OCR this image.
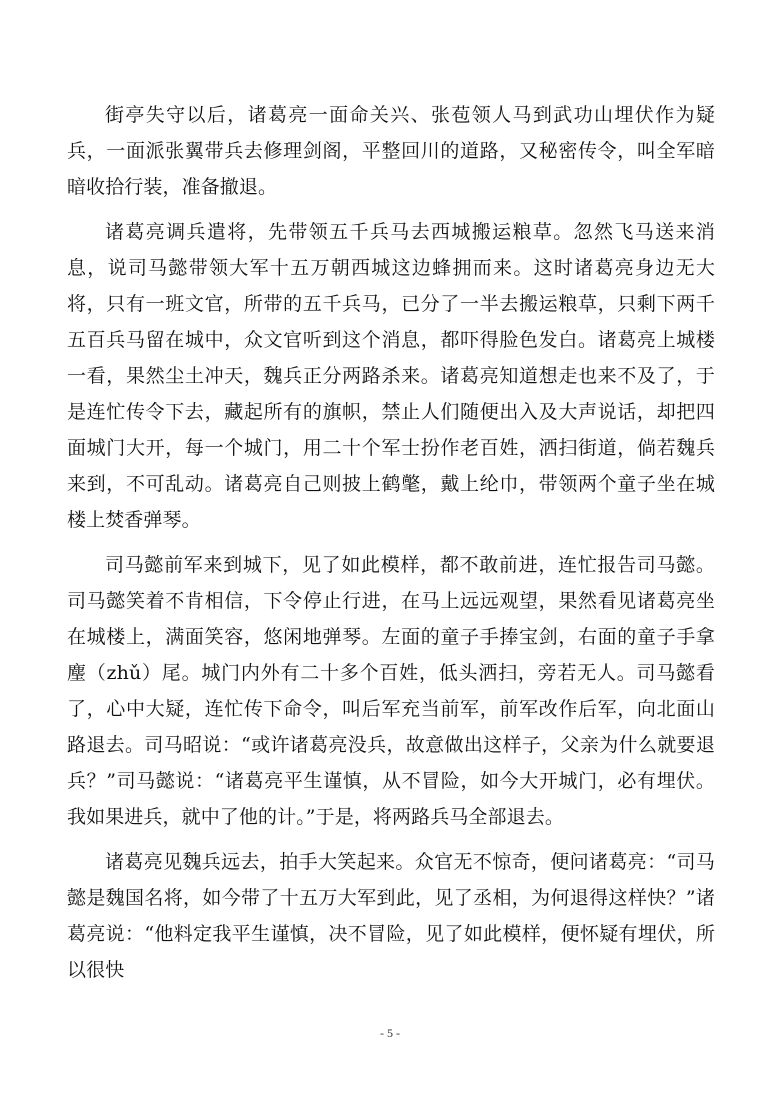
街亭失守以后，诸葛亮一面命关兴、张苞领人马到武功山埋伏作为疑兵，一面派张翼带兵去修理剑阁，平整回川的道路，又秘密传令，叫全军暗暗收拾行装，准备撤退。

诸葛亮调兵遣将，先带领五千兵马去西城搬运粮草。忽然飞马送来消息，说司马懿带领大军十五万朝西城这边蜂拥而来。这时诸葛亮身边无大将，只有一班文官，所带的五千兵马，已分了一半去搬运粮草，只剩下两千五百兵马留在城中，众文官听到这个消息，都吓得脸色发白。诸葛亮上城楼一看，果然尘土冲天，魏兵正分两路杀来。诸葛亮知道想走也来不及了，于是连忙传令下去，藏起所有的旗帜，禁止人们随便出入及大声说话，却把四面城门大开，每一个城门，用二十个军士扮作老百姓，洒扫街道，倘若魏兵来到，不可乱动。诸葛亮自己则披上鹤氅，戴上纶巾，带领两个童子坐在城楼上焚香弹琴。

司马懿前军来到城下，见了如此模样，都不敢前进，连忙报告司马懿。司马懿笑着不肯相信，下令停止行进，在马上远远观望，果然看见诸葛亮坐在城楼上，满面笑容，悠闲地弹琴。左面的童子手捧宝剑，右面的童子手拿麈（zhǔ）尾。城门内外有二十多个百姓，低头洒扫，旁若无人。司马懿看了，心中大疑，连忙传下命令，叫后军充当前军，前军改作后军，向北面山路退去。司马昭说：“或许诸葛亮没兵，故意做出这样子，父亲为什么就要退兵？”司马懿说：“诸葛亮平生谨慎，从不冒险，如今大开城门，必有埋伏。我如果进兵，就中了他的计。”于是，将两路兵马全部退去。

诸葛亮见魏兵远去，拍手大笑起来。众官无不惊奇，便问诸葛亮：“司马懿是魏国名将，如今带了十五万大军到此，见了丞相，为何退得这样快？”诸葛亮说：“他料定我平生谨慎，决不冒险，见了如此模样，便怀疑有埋伏，所以很快

- 5 -
